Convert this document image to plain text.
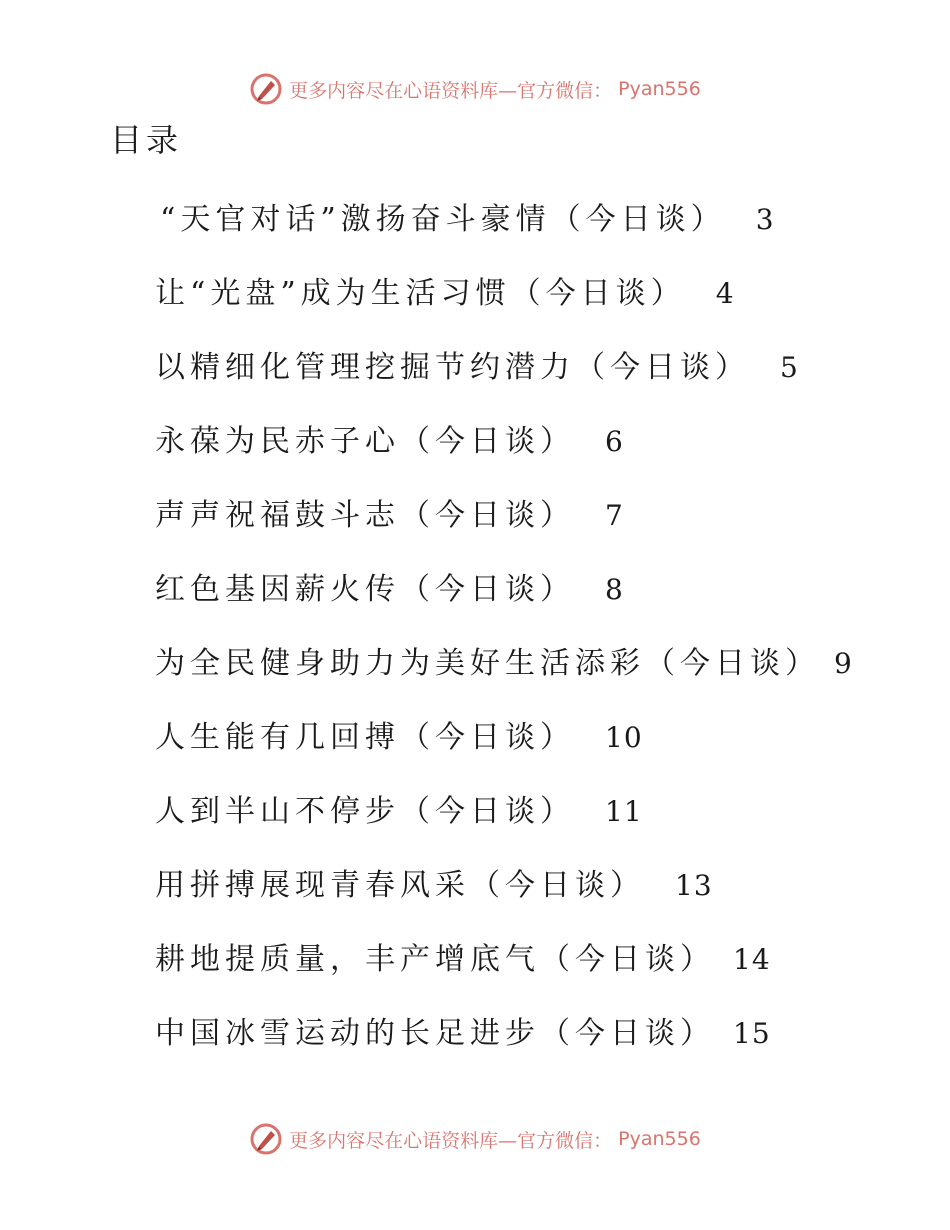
更多内容尽在心语资料库—官方微信： Pyan556
目录
“天官对话”激扬奋斗豪情（今日谈） 3
让“光盘”成为生活习惯（今日谈） 4
以精细化管理挖掘节约潜力（今日谈） 5
永葆为民赤子心（今日谈） 6
声声祝福鼓斗志（今日谈） 7
红色基因薪火传（今日谈） 8
为全民健身助力为美好生活添彩（今日谈） 9
人生能有几回搏（今日谈） 10
人到半山不停步（今日谈） 11
用拼搏展现青春风采（今日谈） 13
耕地提质量，丰产增底气（今日谈） 14
中国冰雪运动的长足进步（今日谈） 15
更多内容尽在心语资料库—官方微信： Pyan556
